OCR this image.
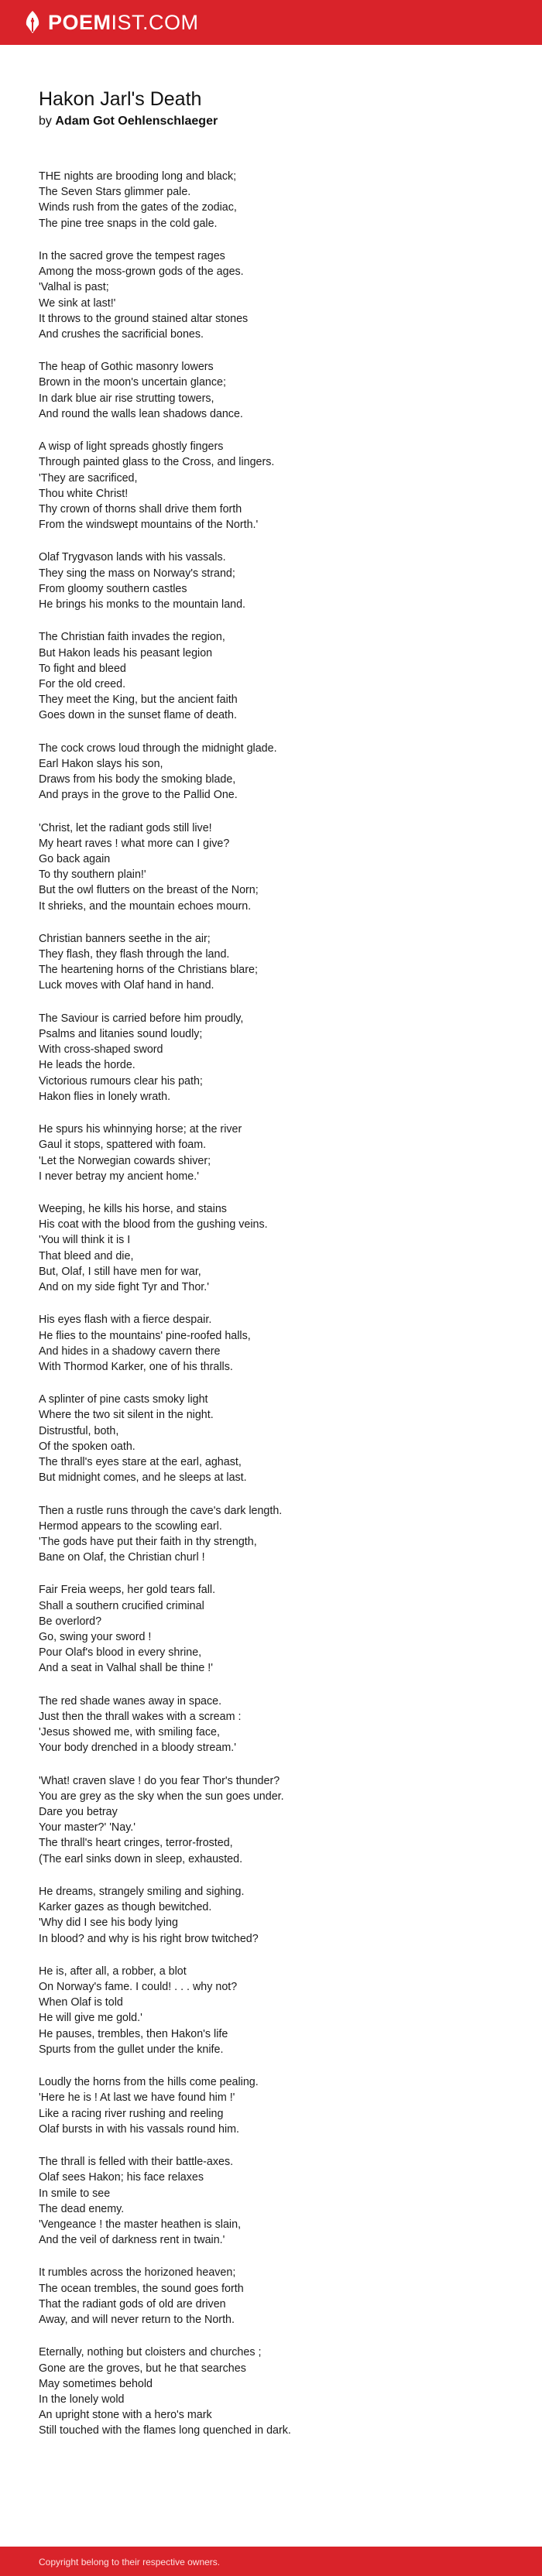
POEMIST.COM
Hakon Jarl's Death
by Adam Got Oehlenschlaeger
THE nights are brooding long and black;
The Seven Stars glimmer pale.
Winds rush from the gates of the zodiac,
The pine tree snaps in the cold gale.
In the sacred grove the tempest rages
Among the moss-grown gods of the ages.
'Valhal is past;
We sink at last!'
It throws to the ground stained altar stones
And crushes the sacrificial bones.
The heap of Gothic masonry lowers
Brown in the moon's uncertain glance;
In dark blue air rise strutting towers,
And round the walls lean shadows dance.
A wisp of light spreads ghostly fingers
Through painted glass to the Cross, and lingers.
'They are sacrificed,
Thou white Christ!
Thy crown of thorns shall drive them forth
From the windswept mountains of the North.'
Olaf Trygvason lands with his vassals.
They sing the mass on Norway's strand;
From gloomy southern castles
He brings his monks to the mountain land.
The Christian faith invades the region,
But Hakon leads his peasant legion
To fight and bleed
For the old creed.
They meet the King, but the ancient faith
Goes down in the sunset flame of death.
The cock crows loud through the midnight glade.
Earl Hakon slays his son,
Draws from his body the smoking blade,
And prays in the grove to the Pallid One.
'Christ, let the radiant gods still live!
My heart raves ! what more can I give?
Go back again
To thy southern plain!'
But the owl flutters on the breast of the Norn;
It shrieks, and the mountain echoes mourn.
Christian banners seethe in the air;
They flash, they flash through the land.
The heartening horns of the Christians blare;
Luck moves with Olaf hand in hand.
The Saviour is carried before him proudly,
Psalms and litanies sound loudly;
With cross-shaped sword
He leads the horde.
Victorious rumours clear his path;
Hakon flies in lonely wrath.
He spurs his whinnying horse; at the river
Gaul it stops, spattered with foam.
'Let the Norwegian cowards shiver;
I never betray my ancient home.'
Weeping, he kills his horse, and stains
His coat with the blood from the gushing veins.
'You will think it is I
That bleed and die,
But, Olaf, I still have men for war,
And on my side fight Tyr and Thor.'
His eyes flash with a fierce despair.
He flies to the mountains' pine-roofed halls,
And hides in a shadowy cavern there
With Thormod Karker, one of his thralls.
A splinter of pine casts smoky light
Where the two sit silent in the night.
Distrustful, both,
Of the spoken oath.
The thrall's eyes stare at the earl, aghast,
But midnight comes, and he sleeps at last.
Then a rustle runs through the cave's dark length.
Hermod appears to the scowling earl.
'The gods have put their faith in thy strength,
Bane on Olaf, the Christian churl !
Fair Freia weeps, her gold tears fall.
Shall a southern crucified criminal
Be overlord?
Go, swing your sword !
Pour Olaf's blood in every shrine,
And a seat in Valhal shall be thine !'
The red shade wanes away in space.
Just then the thrall wakes with a scream :
'Jesus showed me, with smiling face,
Your body drenched in a bloody stream.'
'What! craven slave ! do you fear Thor's thunder?
You are grey as the sky when the sun goes under.
Dare you betray
Your master?' 'Nay.'
The thrall's heart cringes, terror-frosted,
(The earl sinks down in sleep, exhausted.
He dreams, strangely smiling and sighing.
Karker gazes as though bewitched.
'Why did I see his body lying
In blood? and why is his right brow twitched?
He is, after all, a robber, a blot
On Norway's fame. I could! . . . why not?
When Olaf is told
He will give me gold.'
He pauses, trembles, then Hakon's life
Spurts from the gullet under the knife.
Loudly the horns from the hills come pealing.
'Here he is ! At last we have found him !'
Like a racing river rushing and reeling
Olaf bursts in with his vassals round him.
The thrall is felled with their battle-axes.
Olaf sees Hakon; his face relaxes
In smile to see
The dead enemy.
'Vengeance ! the master heathen is slain,
And the veil of darkness rent in twain.'
It rumbles across the horizoned heaven;
The ocean trembles, the sound goes forth
That the radiant gods of old are driven
Away, and will never return to the North.
Eternally, nothing but cloisters and churches ;
Gone are the groves, but he that searches
May sometimes behold
In the lonely wold
An upright stone with a hero's mark
Still touched with the flames long quenched in dark.
Copyright belong to their respective owners.
